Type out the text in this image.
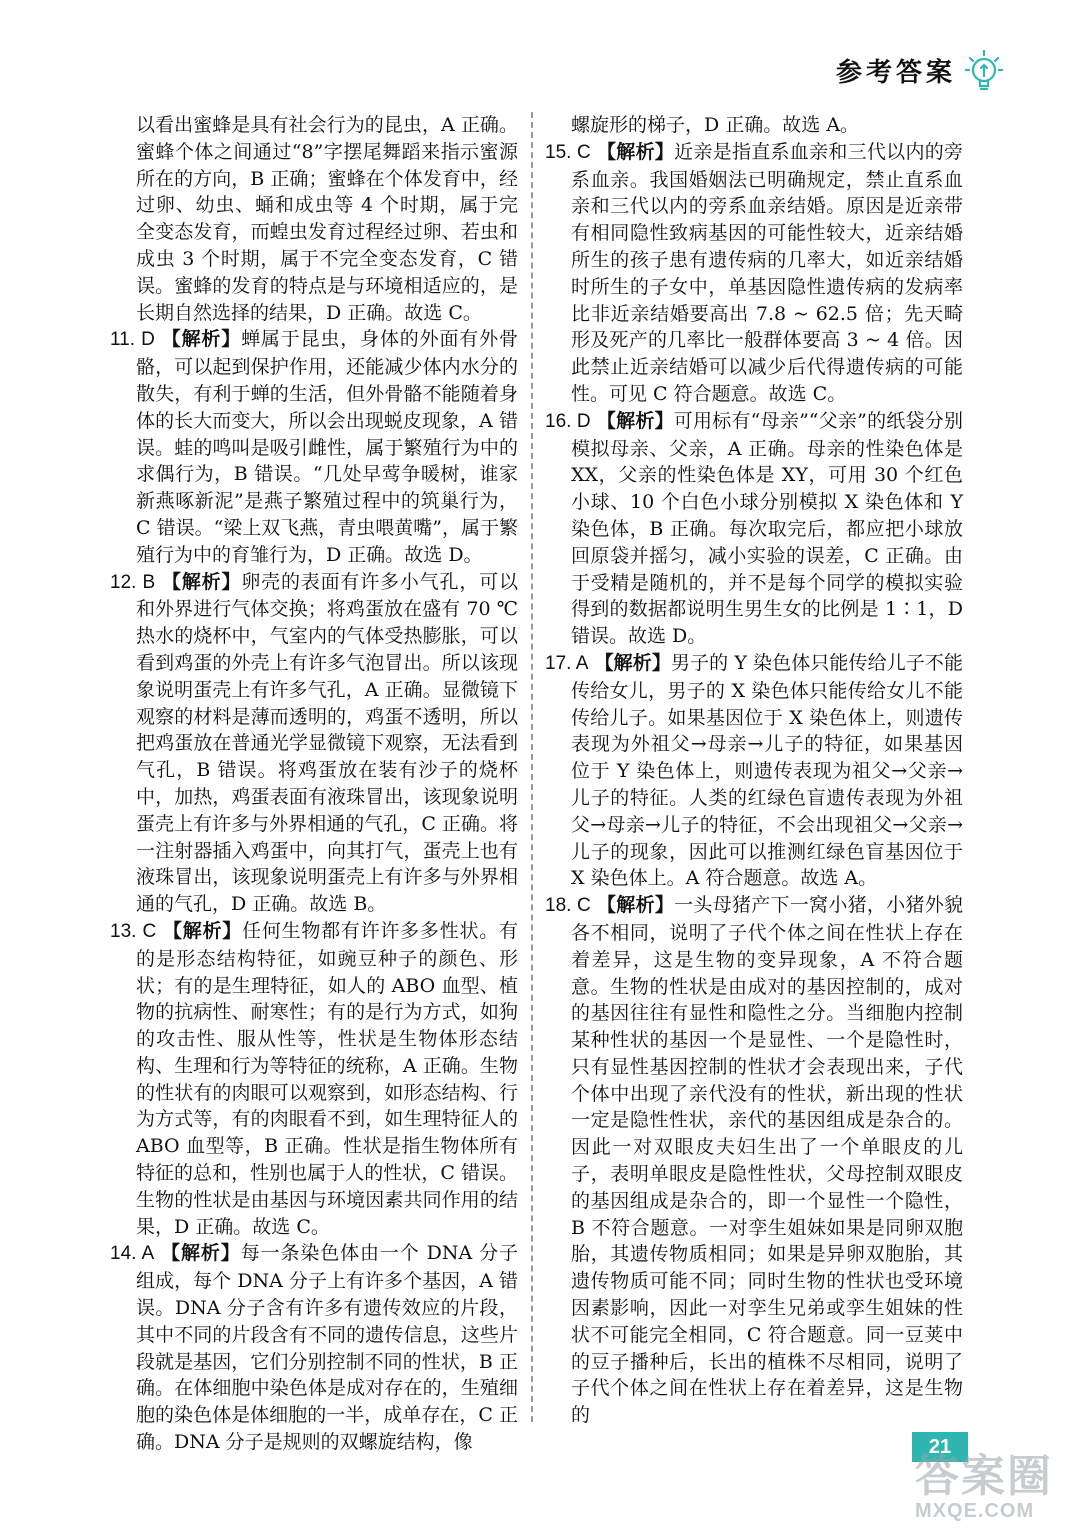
参考答案

以看出蜜蜂是具有社会行为的昆虫，A 正确。蜜蜂个体之间通过“8”字摆尾舞蹈来指示蜜源所在的方向，B 正确；蜜蜂在个体发育中，经过卵、幼虫、蛹和成虫等 4 个时期，属于完全变态发育，而蝗虫发育过程经过卵、若虫和成虫 3 个时期，属于不完全变态发育，C 错误。蜜蜂的发育的特点是与环境相适应的，是长期自然选择的结果，D 正确。故选 C。

11. D 【解析】蝉属于昆虫，身体的外面有外骨骼，可以起到保护作用，还能减少体内水分的散失，有利于蝉的生活，但外骨骼不能随着身体的长大而变大，所以会出现蜕皮现象，A 错误。蛙的鸣叫是吸引雌性，属于繁殖行为中的求偶行为，B 错误。“几处早莺争暖树，谁家新燕啄新泥”是燕子繁殖过程中的筑巢行为，C 错误。“梁上双飞燕，青虫喂黄嘴”，属于繁殖行为中的育雏行为，D 正确。故选 D。

12. B 【解析】卵壳的表面有许多小气孔，可以和外界进行气体交换；将鸡蛋放在盛有 70 ℃ 热水的烧杯中，气室内的气体受热膨胀，可以看到鸡蛋的外壳上有许多气泡冒出。所以该现象说明蛋壳上有许多气孔，A 正确。显微镜下观察的材料是薄而透明的，鸡蛋不透明，所以把鸡蛋放在普通光学显微镜下观察，无法看到气孔，B 错误。将鸡蛋放在装有沙子的烧杯中，加热，鸡蛋表面有液珠冒出，该现象说明蛋壳上有许多与外界相通的气孔，C 正确。将一注射器插入鸡蛋中，向其打气，蛋壳上也有液珠冒出，该现象说明蛋壳上有许多与外界相通的气孔，D 正确。故选 B。

13. C 【解析】任何生物都有许许多多性状。有的是形态结构特征，如豌豆种子的颜色、形状；有的是生理特征，如人的 ABO 血型、植物的抗病性、耐寒性；有的是行为方式，如狗的攻击性、服从性等，性状是生物体形态结构、生理和行为等特征的统称，A 正确。生物的性状有的肉眼可以观察到，如形态结构、行为方式等，有的肉眼看不到，如生理特征人的 ABO 血型等，B 正确。性状是指生物体所有特征的总和，性别也属于人的性状，C 错误。生物的性状是由基因与环境因素共同作用的结果，D 正确。故选 C。

14. A 【解析】每一条染色体由一个 DNA 分子组成，每个 DNA 分子上有许多个基因，A 错误。DNA 分子含有许多有遗传效应的片段，其中不同的片段含有不同的遗传信息，这些片段就是基因，它们分别控制不同的性状，B 正确。在体细胞中染色体是成对存在的，生殖细胞的染色体是体细胞的一半，成单存在，C 正确。DNA 分子是规则的双螺旋结构，像

螺旋形的梯子，D 正确。故选 A。

15. C 【解析】近亲是指直系血亲和三代以内的旁系血亲。我国婚姻法已明确规定，禁止直系血亲和三代以内的旁系血亲结婚。原因是近亲带有相同隐性致病基因的可能性较大，近亲结婚所生的孩子患有遗传病的几率大，如近亲结婚时所生的子女中，单基因隐性遗传病的发病率比非近亲结婚要高出 7.8 ~ 62.5 倍；先天畸形及死产的几率比一般群体要高 3 ~ 4 倍。因此禁止近亲结婚可以减少后代得遗传病的可能性。可见 C 符合题意。故选 C。

16. D 【解析】可用标有“母亲”“父亲”的纸袋分别模拟母亲、父亲，A 正确。母亲的性染色体是 XX，父亲的性染色体是 XY，可用 30 个红色小球、10 个白色小球分别模拟 X 染色体和 Y 染色体，B 正确。每次取完后，都应把小球放回原袋并摇匀，减小实验的误差，C 正确。由于受精是随机的，并不是每个同学的模拟实验得到的数据都说明生男生女的比例是 1∶1，D 错误。故选 D。

17. A 【解析】男子的 Y 染色体只能传给儿子不能传给女儿，男子的 X 染色体只能传给女儿不能传给儿子。如果基因位于 X 染色体上，则遗传表现为外祖父→母亲→儿子的特征，如果基因位于 Y 染色体上，则遗传表现为祖父→父亲→儿子的特征。人类的红绿色盲遗传表现为外祖父→母亲→儿子的特征，不会出现祖父→父亲→儿子的现象，因此可以推测红绿色盲基因位于 X 染色体上。A 符合题意。故选 A。

18. C 【解析】一头母猪产下一窝小猪，小猪外貌各不相同，说明了子代个体之间在性状上存在着差异，这是生物的变异现象，A 不符合题意。生物的性状是由成对的基因控制的，成对的基因往往有显性和隐性之分。当细胞内控制某种性状的基因一个是显性、一个是隐性时，只有显性基因控制的性状才会表现出来，子代个体中出现了亲代没有的性状，新出现的性状一定是隐性性状，亲代的基因组成是杂合的。因此一对双眼皮夫妇生出了一个单眼皮的儿子，表明单眼皮是隐性性状，父母控制双眼皮的基因组成是杂合的，即一个显性一个隐性，B 不符合题意。一对孪生姐妹如果是同卵双胞胎，其遗传物质相同；如果是异卵双胞胎，其遗传物质可能不同；同时生物的性状也受环境因素影响，因此一对孪生兄弟或孪生姐妹的性状不可能完全相同，C 符合题意。同一豆荚中的豆子播种后，长出的植株不尽相同，说明了子代个体之间在性状上存在着差异，这是生物的

21
答案圈
MXQE.COM
